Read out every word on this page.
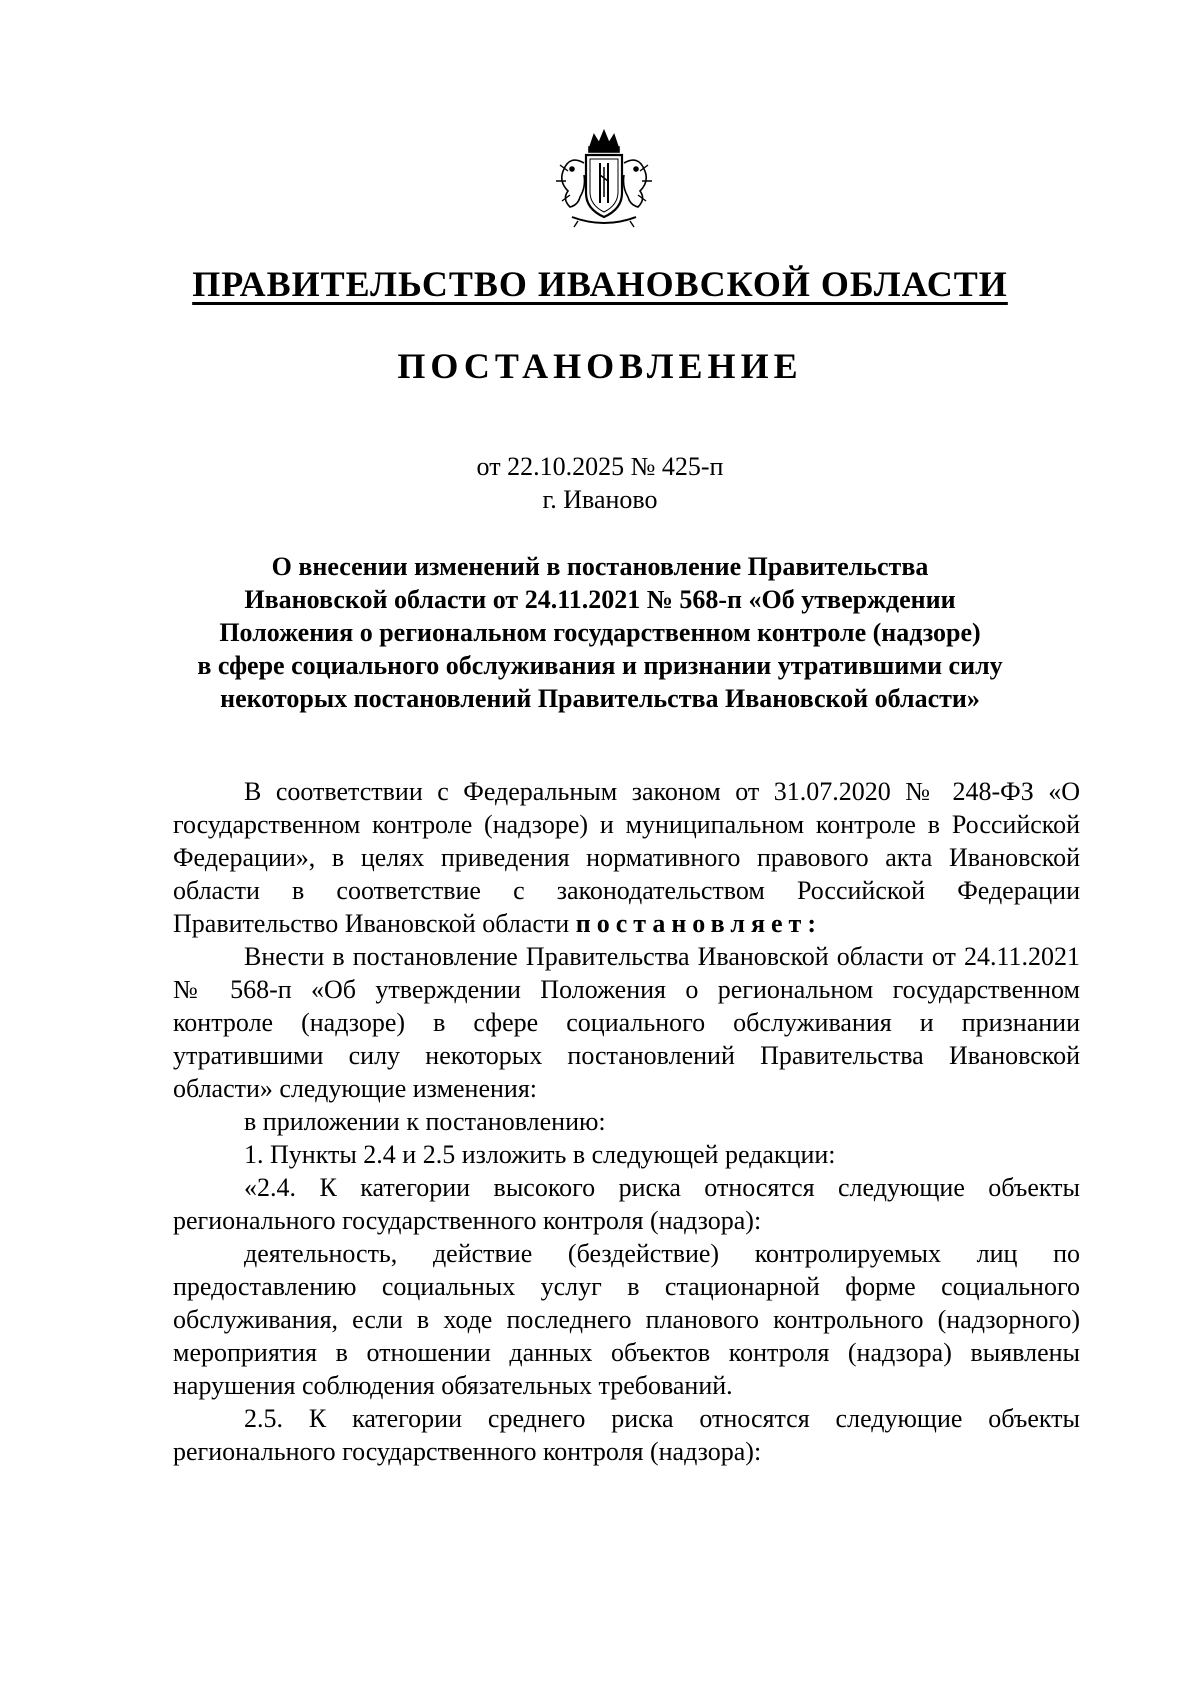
ПРАВИТЕЛЬСТВО ИВАНОВСКОЙ ОБЛАСТИ
ПОСТАНОВЛЕНИЕ
от 22.10.2025 № 425-п
г. Иваново
О внесении изменений в постановление Правительства
Ивановской области от 24.11.2021 № 568-п «Об утверждении
Положения о региональном государственном контроле (надзоре)
в сфере социального обслуживания и признании утратившими силу
некоторых постановлений Правительства Ивановской области»

В соответствии с Федеральным законом от 31.07.2020 № 248-ФЗ «О государственном контроле (надзоре) и муниципальном контроле в Российской Федерации», в целях приведения нормативного правового акта Ивановской области в соответствие с законодательством Российской Федерации Правительство Ивановской области постановляет:

Внести в постановление Правительства Ивановской области от 24.11.2021 № 568-п «Об утверждении Положения о региональном государственном контроле (надзоре) в сфере социального обслуживания и признании утратившими силу некоторых постановлений Правительства Ивановской области» следующие изменения:

в приложении к постановлению:

1. Пункты 2.4 и 2.5 изложить в следующей редакции:

«2.4. К категории высокого риска относятся следующие объекты регионального государственного контроля (надзора):

деятельность, действие (бездействие) контролируемых лиц по предоставлению социальных услуг в стационарной форме социального обслуживания, если в ходе последнего планового контрольного (надзорного) мероприятия в отношении данных объектов контроля (надзора) выявлены нарушения соблюдения обязательных требований.

2.5. К категории среднего риска относятся следующие объекты регионального государственного контроля (надзора):
